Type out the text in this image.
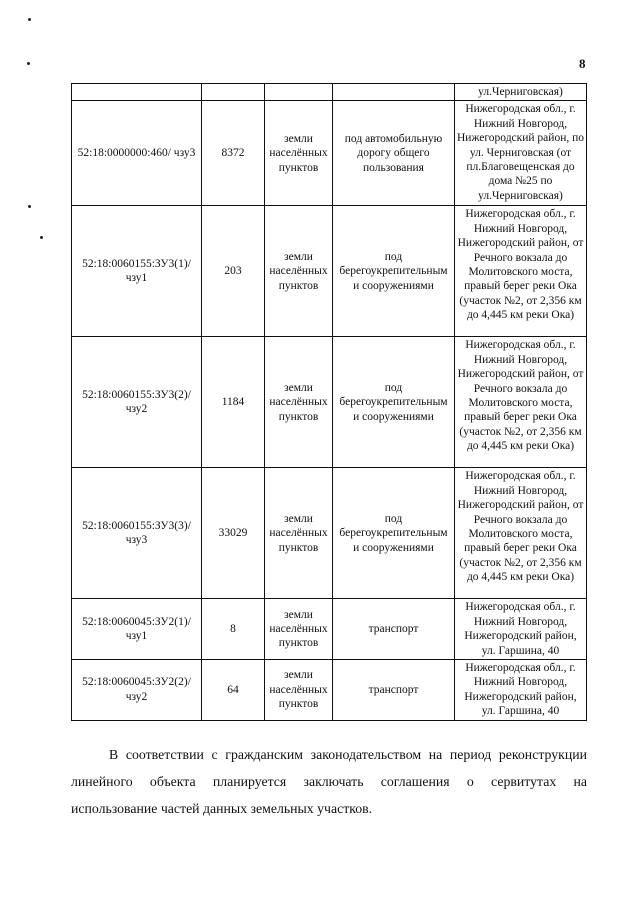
8
				ул.Черниговская)
52:18:0000000:460/ чзу3	8372	земли населённых пунктов	под автомобильную дорогу общего пользования	Нижегородская обл., г. Нижний Новгород, Нижегородский район, по ул. Черниговская (от пл.Благовещенская до дома №25 по ул.Черниговская)
52:18:0060155:ЗУ3(1)/ чзу1	203	земли населённых пунктов	под берегоукрепительным и сооружениями	Нижегородская обл., г. Нижний Новгород, Нижегородский район, от Речного вокзала до Молитовского моста, правый берег реки Ока (участок №2, от 2,356 км до 4,445 км реки Ока)
52:18:0060155:ЗУ3(2)/ чзу2	1184	земли населённых пунктов	под берегоукрепительным и сооружениями	Нижегородская обл., г. Нижний Новгород, Нижегородский район, от Речного вокзала до Молитовского моста, правый берег реки Ока (участок №2, от 2,356 км до 4,445 км реки Ока)
52:18:0060155:ЗУ3(3)/ чзу3	33029	земли населённых пунктов	под берегоукрепительным и сооружениями	Нижегородская обл., г. Нижний Новгород, Нижегородский район, от Речного вокзала до Молитовского моста, правый берег реки Ока (участок №2, от 2,356 км до 4,445 км реки Ока)
52:18:0060045:ЗУ2(1)/ чзу1	8	земли населённых пунктов	транспорт	Нижегородская обл., г. Нижний Новгород, Нижегородский район, ул. Гаршина, 40
52:18:0060045:ЗУ2(2)/ чзу2	64	земли населённых пунктов	транспорт	Нижегородская обл., г. Нижний Новгород, Нижегородский район, ул. Гаршина, 40
В соответствии с гражданским законодательством на период реконструкции
линейного объекта планируется заключать соглашения о сервитутах на
использование частей данных земельных участков.
